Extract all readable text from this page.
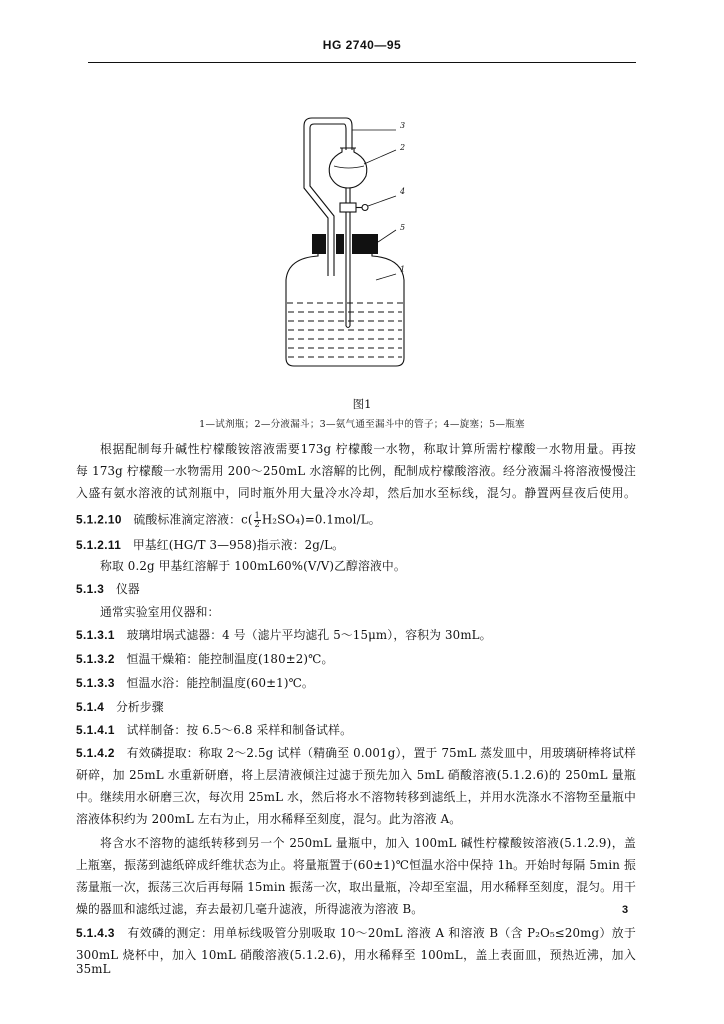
HG 2740—95
3
2
4
5
1
图1
1—试剂瓶；2—分液漏斗；3—氨气通至漏斗中的管子；4—旋塞；5—瓶塞
根据配制每升碱性柠檬酸铵溶液需要173g 柠檬酸一水物，称取计算所需柠檬酸一水物用量。再按
每 173g 柠檬酸一水物需用 200～250mL 水溶解的比例，配制成柠檬酸溶液。经分液漏斗将溶液慢慢注
入盛有氨水溶液的试剂瓶中，同时瓶外用大量冷水冷却，然后加水至标线，混匀。静置两昼夜后使用。
5.1.2.10 硫酸标准滴定溶液：$c( \frac{1}{2} H_2SO_4)=0.1mol/L$。
5.1.2.11 甲基红(HG/T 3—958)指示液：2g/L。
称取 0.2g 甲基红溶解于 100mL60%(V/V)乙醇溶液中。
5.1.3 仪器
通常实验室用仪器和：
5.1.3.1 玻璃坩埚式滤器：4 号（滤片平均滤孔 5～15μm），容积为 30mL。
5.1.3.2 恒温干燥箱：能控制温度(180±2)℃。
5.1.3.3 恒温水浴：能控制温度(60±1)℃。
5.1.4 分析步骤
5.1.4.1 试样制备：按 6.5～6.8 采样和制备试样。
5.1.4.2 有效磷提取：称取 2～2.5g 试样（精确至 0.001g），置于 75mL 蒸发皿中，用玻璃研棒将试样
研碎，加 25mL 水重新研磨，将上层清液倾注过滤于预先加入 5mL 硝酸溶液(5.1.2.6)的 250mL 量瓶
中。继续用水研磨三次，每次用 25mL 水，然后将水不溶物转移到滤纸上，并用水洗涤水不溶物至量瓶中
溶液体积约为 200mL 左右为止，用水稀释至刻度，混匀。此为溶液 A。
将含水不溶物的滤纸转移到另一个 250mL 量瓶中，加入 100mL 碱性柠檬酸铵溶液(5.1.2.9)，盖
上瓶塞，振荡到滤纸碎成纤维状态为止。将量瓶置于(60±1)℃恒温水浴中保持 1h。开始时每隔 5min 振
荡量瓶一次，振荡三次后再每隔 15min 振荡一次，取出量瓶，冷却至室温，用水稀释至刻度，混匀。用干
燥的器皿和滤纸过滤，弃去最初几毫升滤液，所得滤液为溶液 B。
5.1.4.3 有效磷的测定：用单标线吸管分别吸取 10～20mL 溶液 A 和溶液 B（含 P₂O₅≤20mg）放于
300mL 烧杯中，加入 10mL 硝酸溶液(5.1.2.6)，用水稀释至 100mL，盖上表面皿，预热近沸，加入 35mL
3
